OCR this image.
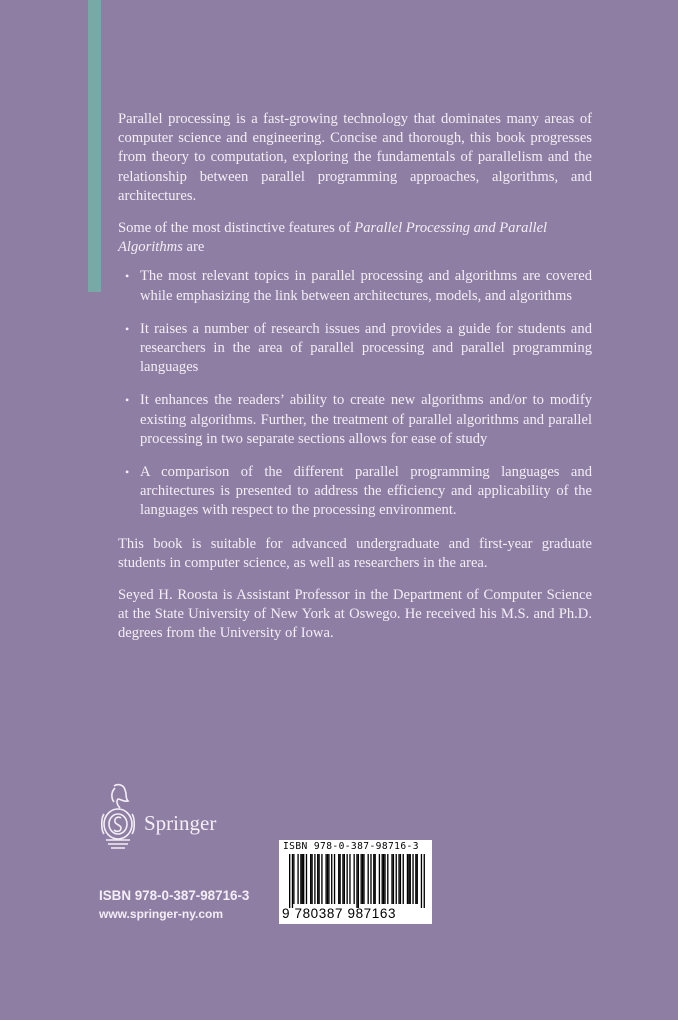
Parallel processing is a fast-growing technology that dominates many areas of computer science and engineering. Concise and thorough, this book progresses from theory to computation, exploring the fundamentals of parallelism and the relationship between parallel programming approaches, algorithms, and architectures.

Some of the most distinctive features of Parallel Processing and Parallel Algorithms are

• The most relevant topics in parallel processing and algorithms are covered while emphasizing the link between architectures, models, and algorithms
• It raises a number of research issues and provides a guide for students and researchers in the area of parallel processing and parallel programming languages
• It enhances the readers’ ability to create new algorithms and/or to modify existing algorithms. Further, the treatment of parallel algorithms and parallel processing in two separate sections allows for ease of study
• A comparison of the different parallel programming languages and architectures is presented to address the efficiency and applicability of the languages with respect to the processing environment.

This book is suitable for advanced undergraduate and first-year graduate students in computer science, as well as researchers in the area.

Seyed H. Roosta is Assistant Professor in the Department of Computer Science at the State University of New York at Oswego. He received his M.S. and Ph.D. degrees from the University of Iowa.

Springer
ISBN 978-0-387-98716-3
www.springer-ny.com
ISBN 978-0-387-98716-3
9 780387 987163
